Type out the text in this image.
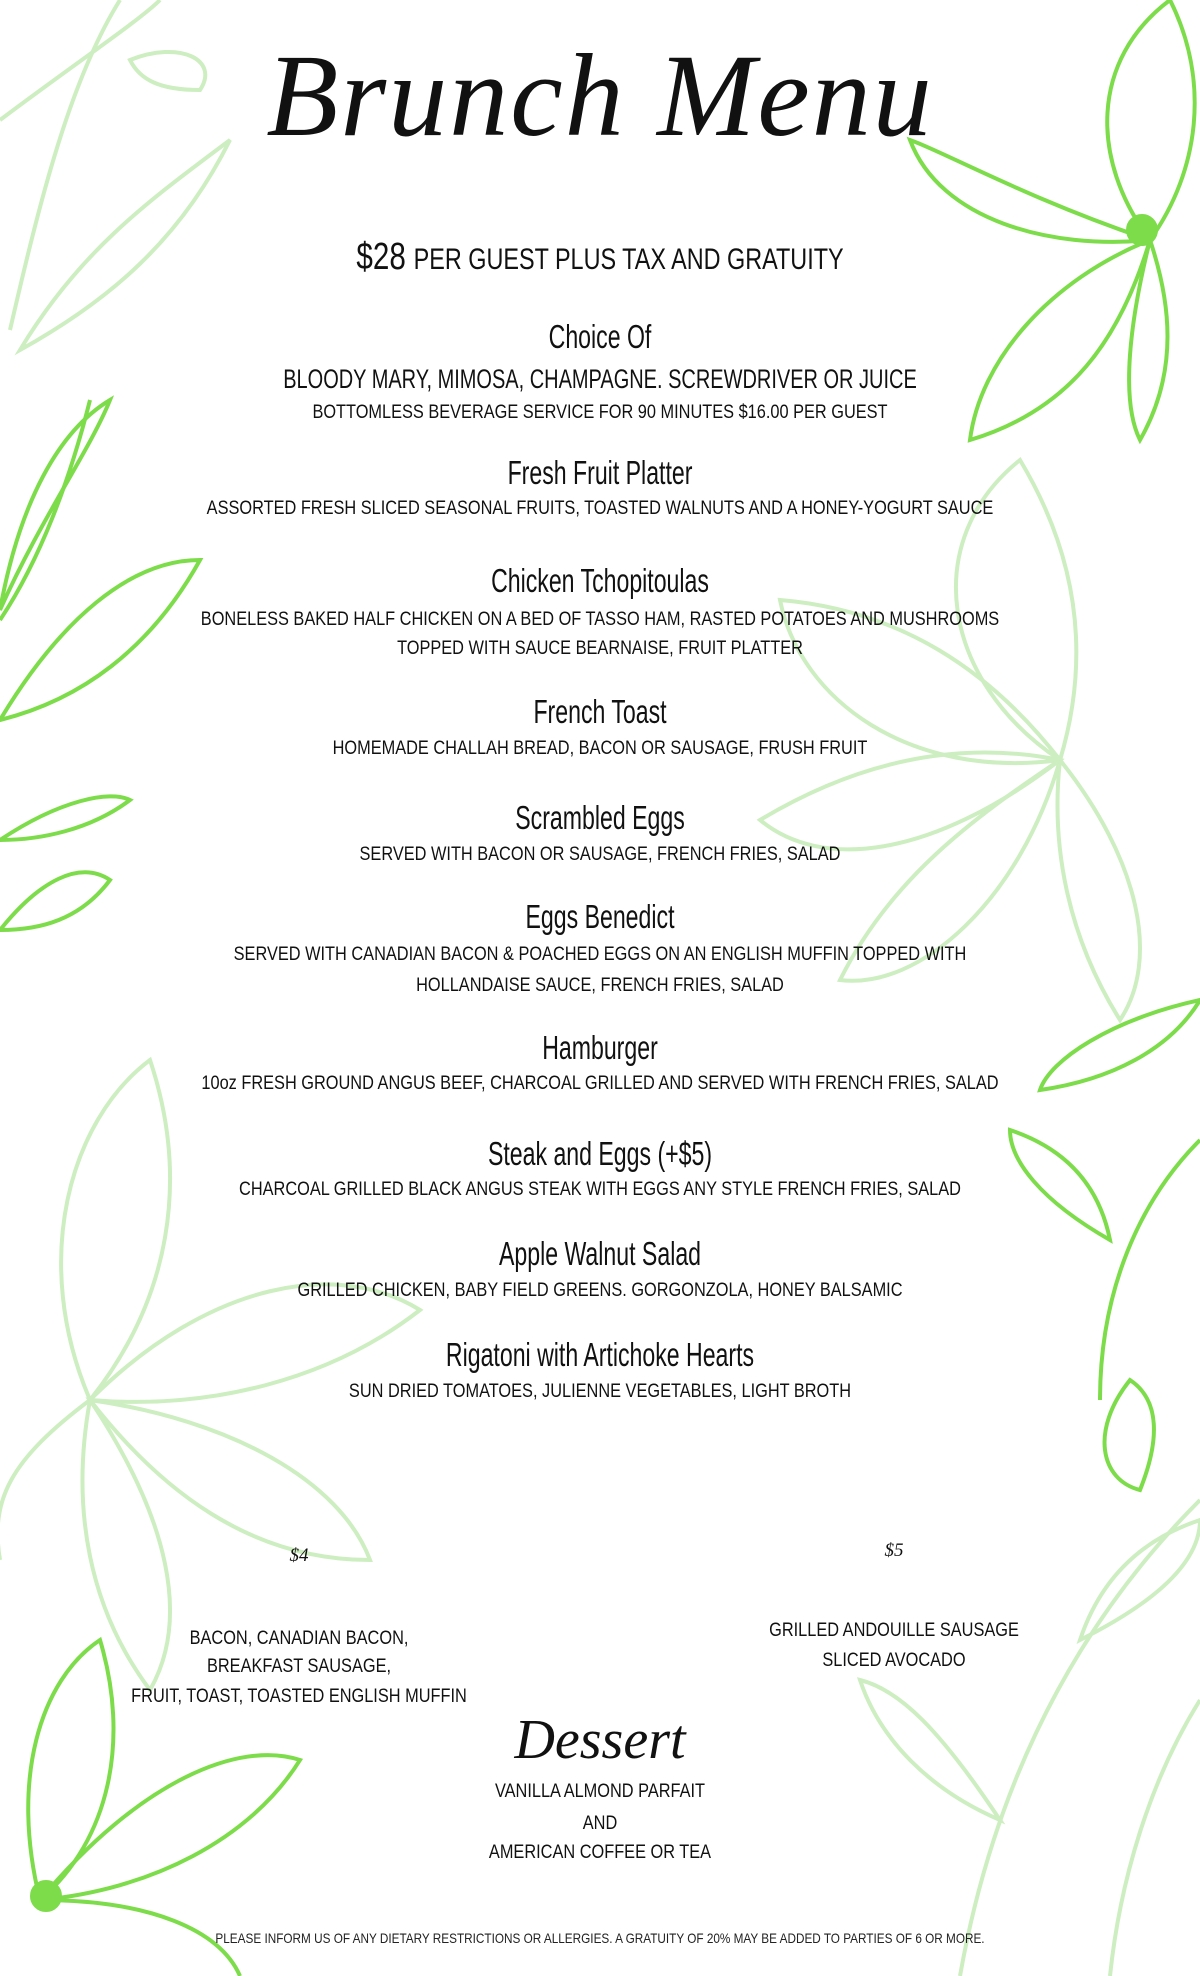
Brunch Menu
$28 PER GUEST PLUS TAX AND GRATUITY
Choice Of
BLOODY MARY, MIMOSA, CHAMPAGNE. SCREWDRIVER OR JUICE
BOTTOMLESS BEVERAGE SERVICE FOR 90 MINUTES $16.00 PER GUEST
Fresh Fruit Platter
ASSORTED FRESH SLICED SEASONAL FRUITS, TOASTED WALNUTS AND A HONEY-YOGURT SAUCE
Chicken Tchopitoulas
BONELESS BAKED HALF CHICKEN ON A BED OF TASSO HAM, RASTED POTATOES AND MUSHROOMS
TOPPED WITH SAUCE BEARNAISE, FRUIT PLATTER
French Toast
HOMEMADE CHALLAH BREAD, BACON OR SAUSAGE, FRUSH FRUIT
Scrambled Eggs
SERVED WITH BACON OR SAUSAGE, FRENCH FRIES, SALAD
Eggs Benedict
SERVED WITH CANADIAN BACON & POACHED EGGS ON AN ENGLISH MUFFIN TOPPED WITH
HOLLANDAISE SAUCE, FRENCH FRIES, SALAD
Hamburger
10oz FRESH GROUND ANGUS BEEF, CHARCOAL GRILLED AND SERVED WITH FRENCH FRIES, SALAD
Steak and Eggs (+$5)
CHARCOAL GRILLED BLACK ANGUS STEAK WITH EGGS ANY STYLE FRENCH FRIES, SALAD
Apple Walnut Salad
GRILLED CHICKEN, BABY FIELD GREENS. GORGONZOLA, HONEY BALSAMIC
Rigatoni with Artichoke Hearts
SUN DRIED TOMATOES, JULIENNE VEGETABLES, LIGHT BROTH
$4
BACON, CANADIAN BACON,
BREAKFAST SAUSAGE,
FRUIT, TOAST, TOASTED ENGLISH MUFFIN
$5
GRILLED ANDOUILLE SAUSAGE
SLICED AVOCADO
Dessert
VANILLA ALMOND PARFAIT
AND
AMERICAN COFFEE OR TEA
PLEASE INFORM US OF ANY DIETARY RESTRICTIONS OR ALLERGIES. A GRATUITY OF 20% MAY BE ADDED TO PARTIES OF 6 OR MORE.
